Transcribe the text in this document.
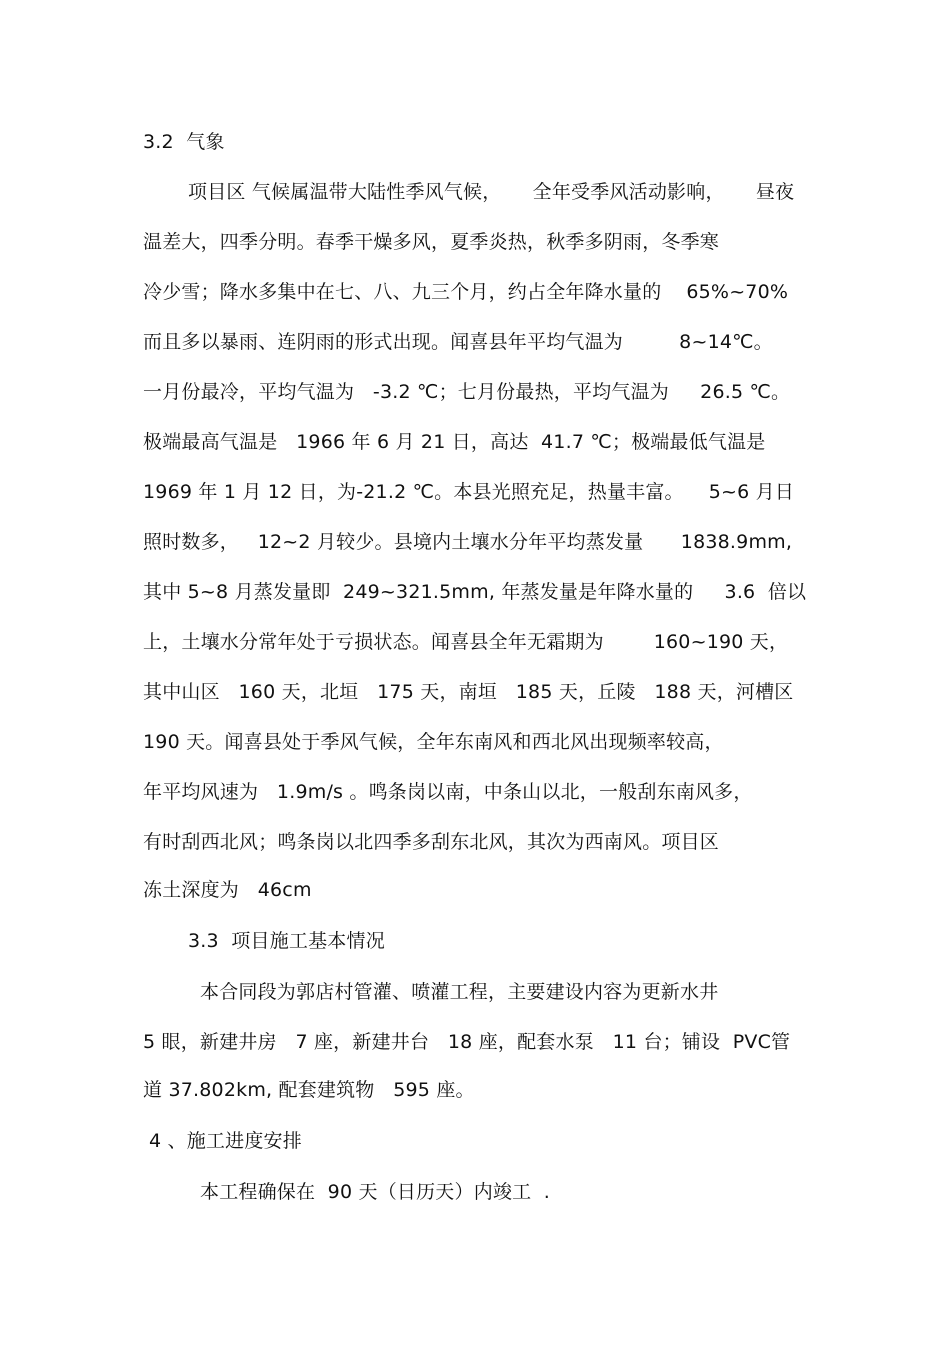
3.2  气象
项目区 气候属温带大陆性季风气候，     全年受季风活动影响，     昼夜
温差大，四季分明。春季干燥多风，夏季炎热，秋季多阴雨，冬季寒
冷少雪；降水多集中在七、八、九三个月，约占全年降水量的    65%~70%
而且多以暴雨、连阴雨的形式出现。闻喜县年平均气温为         8~14℃。
一月份最冷，平均气温为   -3.2 ℃；七月份最热，平均气温为     26.5 ℃。
极端最高气温是   1966 年 6 月 21 日，高达  41.7 ℃；极端最低气温是
1969 年 1 月 12 日，为-21.2 ℃。本县光照充足，热量丰富。    5~6 月日
照时数多，   12~2 月较少。县境内土壤水分年平均蒸发量      1838.9mm,
其中 5~8 月蒸发量即  249~321.5mm, 年蒸发量是年降水量的     3.6  倍以
上，土壤水分常年处于亏损状态。闻喜县全年无霜期为        160~190 天，
其中山区   160 天，北垣   175 天，南垣   185 天，丘陵   188 天，河槽区
190 天。闻喜县处于季风气候，全年东南风和西北风出现频率较高，
年平均风速为   1.9m/s 。鸣条岗以南，中条山以北，一般刮东南风多，
有时刮西北风；鸣条岗以北四季多刮东北风，其次为西南风。项目区
冻土深度为   46cm
3.3  项目施工基本情况
本合同段为郭店村管灌、喷灌工程，主要建设内容为更新水井
5 眼，新建井房   7 座，新建井台   18 座，配套水泵   11 台；铺设  PVC管
道 37.802km, 配套建筑物   595 座。
4 、施工进度安排
本工程确保在  90 天（日历天）内竣工  .
